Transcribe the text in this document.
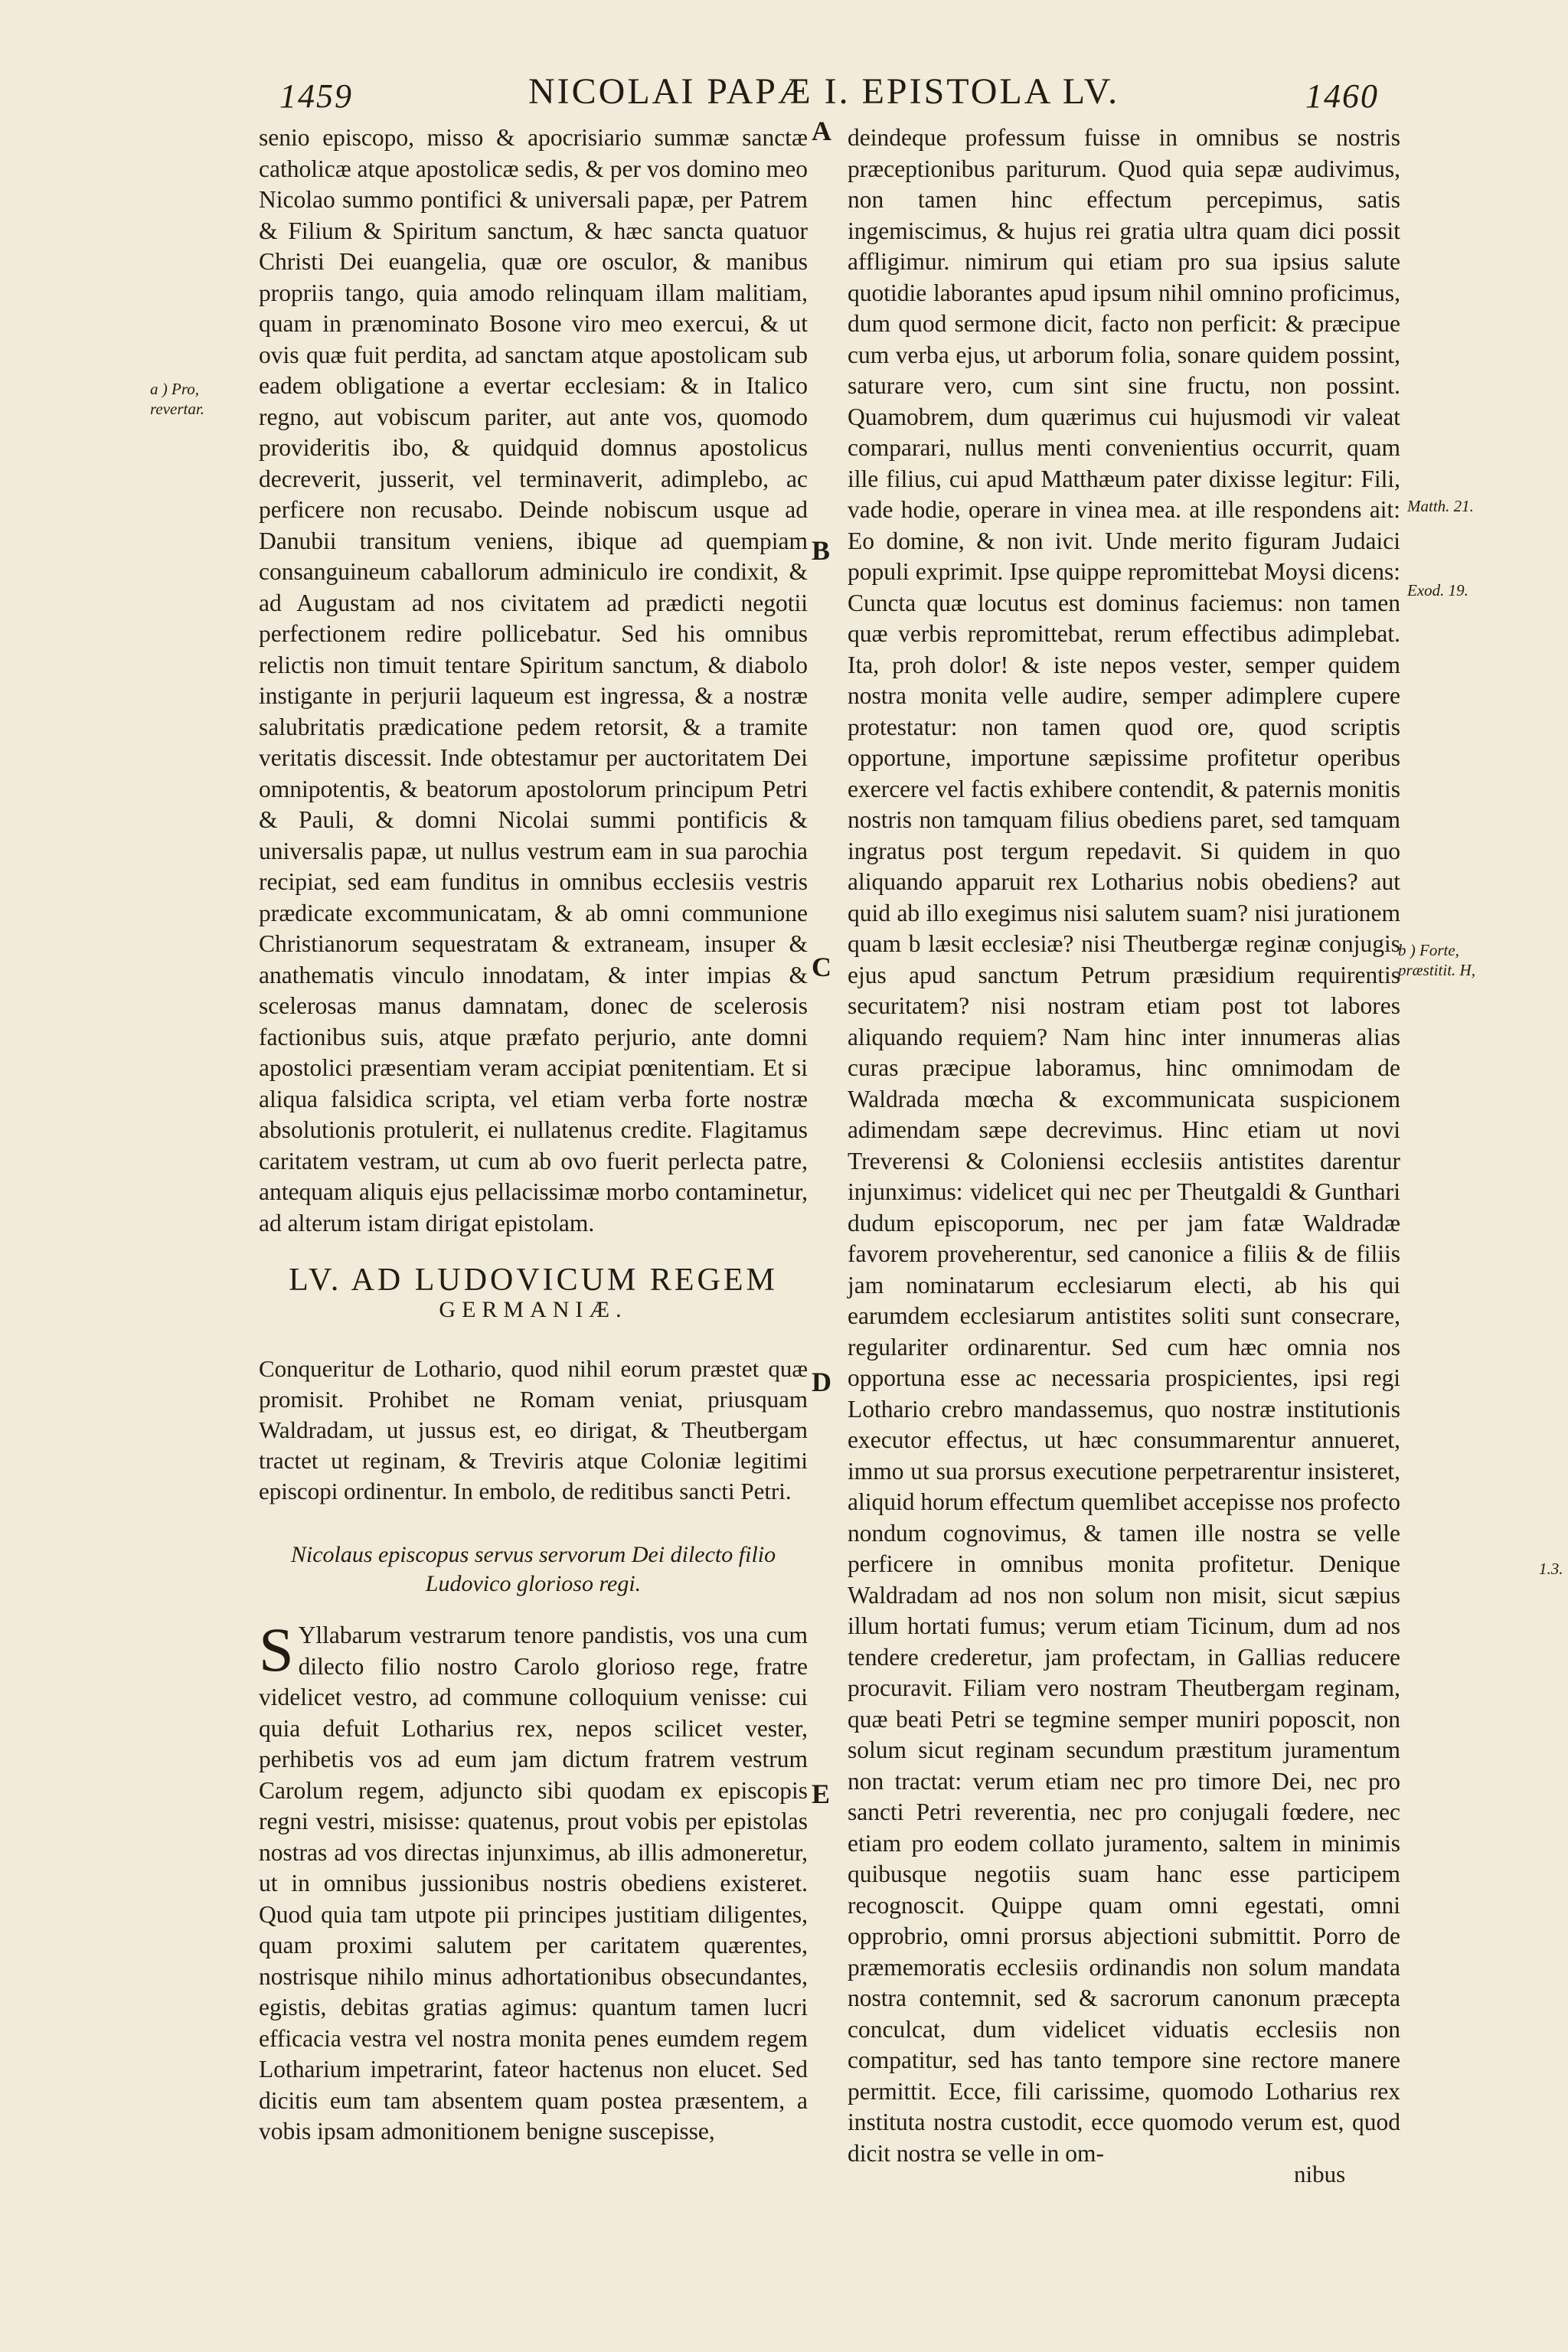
1459	NICOLAI PAPÆ I. EPISTOLA LV.	1460
a ) Pro, revertar.

senio episcopo, misso & apocrisiario summæ sanctæ catholicæ atque apostolicæ sedis, & per vos domino meo Nicolao summo pontifici & universali papæ, per Patrem & Filium & Spiritum sanctum, & hæc sancta quatuor Christi Dei euangelia, quæ ore osculor, & manibus propriis tango, quia amodo relinquam illam malitiam, quam in prænominato Bosone viro meo exercui, & ut ovis quæ fuit perdita, ad sanctam atque apostolicam sub eadem obligatione a evertar ecclesiam: & in Italico regno, aut vobiscum pariter, aut ante vos, quomodo provideritis ibo, & quidquid domnus apostolicus decreverit, jusserit, vel terminaverit, adimplebo, ac perficere non recusabo. Deinde nobiscum usque ad Danubii transitum veniens, ibique ad quempiam consanguineum caballorum adminiculo ire condixit, & ad Augustam ad nos civitatem ad prædicti negotii perfectionem redire pollicebatur. Sed his omnibus relictis non timuit tentare Spiritum sanctum, & diabolo instigante in perjurii laqueum est ingressa, & a nostræ salubritatis prædicatione pedem retorsit, & a tramite veritatis discessit. Inde obtestamur per auctoritatem Dei omnipotentis, & beatorum apostolorum principum Petri & Pauli, & domni Nicolai summi pontificis & universalis papæ, ut nullus vestrum eam in sua parochia recipiat, sed eam funditus in omnibus ecclesiis vestris prædicate excommunicatam, & ab omni communione Christianorum sequestratam & extraneam, insuper & anathematis vinculo innodatam, & inter impias & scelerosas manus damnatam, donec de scelerosis factionibus suis, atque præfato perjurio, ante domni apostolici præsentiam veram accipiat pœnitentiam. Et si aliqua falsidica scripta, vel etiam verba forte nostræ absolutionis protulerit, ei nullatenus credite. Flagitamus caritatem vestram, ut cum ab ovo fuerit perlecta patre, antequam aliquis ejus pellacissimæ morbo contaminetur, ad alterum istam dirigat epistolam.

LV. AD LUDOVICUM REGEM
GERMANIÆ.
Conqueritur de Lothario, quod nihil eorum præstet quæ promisit. Prohibet ne Romam veniat, priusquam Waldradam, ut jussus est, eo dirigat, & Theutbergam tractet ut reginam, & Treviris atque Coloniæ legitimi episcopi ordinentur. In embolo, de reditibus sancti Petri.
Nicolaus episcopus servus servorum Dei dilecto filio Ludovico glorioso regi.
S Yllabarum vestrarum tenore pandistis, vos una cum dilecto filio nostro Carolo glorioso rege, fratre videlicet vestro, ad commune colloquium venisse: cui quia defuit Lotharius rex, nepos scilicet vester, perhibetis vos ad eum jam dictum fratrem vestrum Carolum regem, adjuncto sibi quodam ex episcopis regni vestri, misisse: quatenus, prout vobis per epistolas nostras ad vos directas injunximus, ab illis admoneretur, ut in omnibus jussionibus nostris obediens existeret. Quod quia tam utpote pii principes justitiam diligentes, quam proximi salutem per caritatem quærentes, nostrisque nihilo minus adhortationibus obsecundantes, egistis, debitas gratias agimus: quantum tamen lucri efficacia vestra vel nostra monita penes eumdem regem Lotharium impetrarint, fateor hactenus non elucet. Sed dicitis eum tam absentem quam postea præsentem, a vobis ipsam admonitionem benigne suscepisse,
A
B
C
D
E

deindeque professum fuisse in omnibus se nostris præceptionibus pariturum. Quod quia sepæ audivimus, non tamen hinc effectum percepimus, satis ingemiscimus, & hujus rei gratia ultra quam dici possit affligimur. nimirum qui etiam pro sua ipsius salute quotidie laborantes apud ipsum nihil omnino proficimus, dum quod sermone dicit, facto non perficit: & præcipue cum verba ejus, ut arborum folia, sonare quidem possint, saturare vero, cum sint sine fructu, non possint. Quamobrem, dum quærimus cui hujusmodi vir valeat comparari, nullus menti convenientius occurrit, quam ille filius, cui apud Matthæum pater dixisse legitur: Fili, vade hodie, operare in vinea mea. at ille respondens ait: Eo domine, & non ivit. Unde merito figuram Judaici populi exprimit. Ipse quippe repromittebat Moysi dicens: Cuncta quæ locutus est dominus faciemus: non tamen quæ verbis repromittebat, rerum effectibus adimplebat. Ita, proh dolor! & iste nepos vester, semper quidem nostra monita velle audire, semper adimplere cupere protestatur: non tamen quod ore, quod scriptis opportune, importune sæpissime profitetur operibus exercere vel factis exhibere contendit, & paternis monitis nostris non tamquam filius obediens paret, sed tamquam ingratus post tergum repedavit. Si quidem in quo aliquando apparuit rex Lotharius nobis obediens? aut quid ab illo exegimus nisi salutem suam? nisi jurationem quam b læsit ecclesiæ? nisi Theutbergæ reginæ conjugis ejus apud sanctum Petrum præsidium requirentis securitatem? nisi nostram etiam post tot labores aliquando requiem? Nam hinc inter innumeras alias curas præcipue laboramus, hinc omnimodam de Waldrada mœcha & excommunicata suspicionem adimendam sæpe decrevimus. Hinc etiam ut novi Treverensi & Coloniensi ecclesiis antistites darentur injunximus: videlicet qui nec per Theutgaldi & Gunthari dudum episcoporum, nec per jam fatæ Waldradæ favorem proveherentur, sed canonice a filiis & de filiis jam nominatarum ecclesiarum electi, ab his qui earumdem ecclesiarum antistites soliti sunt consecrare, regulariter ordinarentur. Sed cum hæc omnia nos opportuna esse ac necessaria prospicientes, ipsi regi Lothario crebro mandassemus, quo nostræ institutionis executor effectus, ut hæc consummarentur annueret, immo ut sua prorsus executione perpetrarentur insisteret, aliquid horum effectum quemlibet accepisse nos profecto nondum cognovimus, & tamen ille nostra se velle perficere in omnibus monita profitetur. Denique Waldradam ad nos non solum non misit, sicut sæpius illum hortati fumus; verum etiam Ticinum, dum ad nos tendere crederetur, jam profectam, in Gallias reducere procuravit. Filiam vero nostram Theutbergam reginam, quæ beati Petri se tegmine semper muniri poposcit, non solum sicut reginam secundum præstitum juramentum non tractat: verum etiam nec pro timore Dei, nec pro sancti Petri reverentia, nec pro conjugali fœdere, nec etiam pro eodem collato juramento, saltem in minimis quibusque negotiis suam hanc esse participem recognoscit. Quippe quam omni egestati, omni opprobrio, omni prorsus abjectioni submittit. Porro de præmemoratis ecclesiis ordinandis non solum mandata nostra contemnit, sed & sacrorum canonum præcepta conculcat, dum videlicet viduatis ecclesiis non compatitur, sed has tanto tempore sine rectore manere permittit. Ecce, fili carissime, quomodo Lotharius rex instituta nostra custodit, ecce quomodo verum est, quod dicit nostra se velle in om-

nibus
Matth. 21.
Exod. 19.
b ) Forte, præstitit. H,
1.3.
